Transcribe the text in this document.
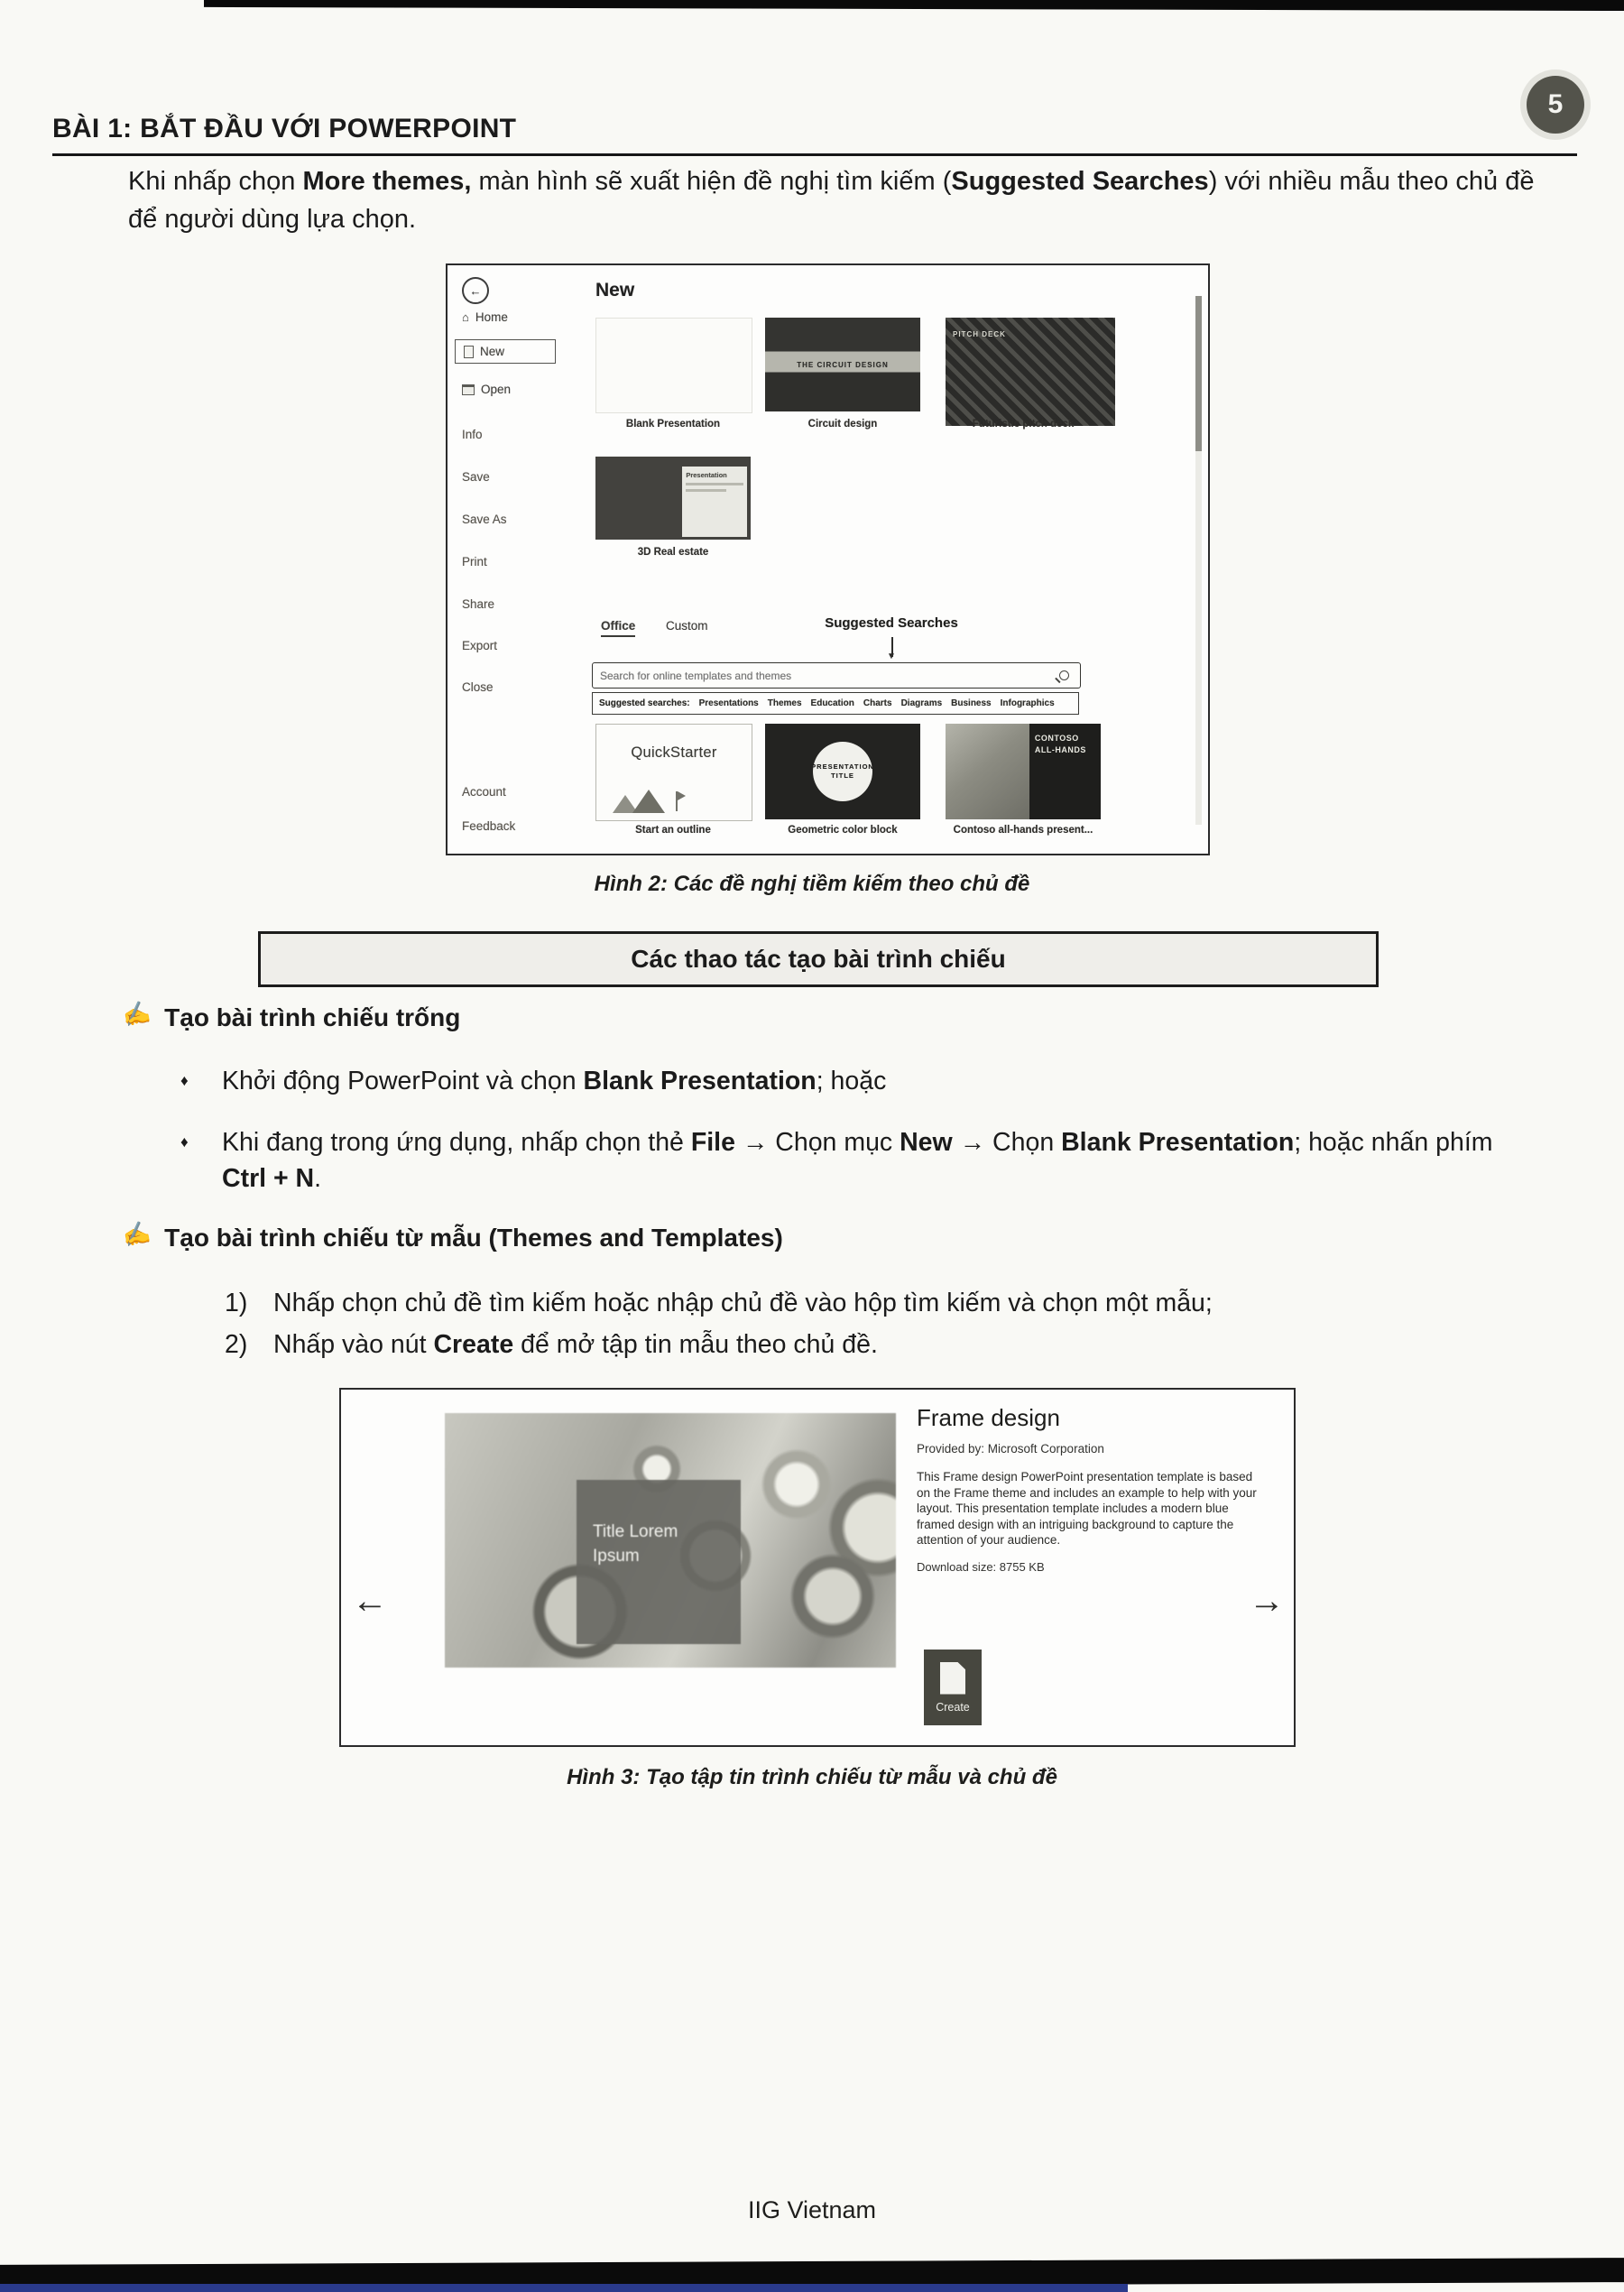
5
BÀI 1: BẮT ĐẦU VỚI POWERPOINT

Khi nhấp chọn More themes, màn hình sẽ xuất hiện đề nghị tìm kiếm (Suggested Searches) với nhiều mẫu theo chủ đề để người dùng lựa chọn.

←
⌂ Home
New
Open
Info
Save
Save As
Print
Share
Export
Close
Account
Feedback
New
THE CIRCUIT DESIGN
PITCH DECK
Blank Presentation	Circuit design	Futuristic pitch deck
Presentation
3D Real estate
Office Custom	Suggested Searches
▼
Search for online templates and themes
Suggested searches: Presentations Themes Education Charts Diagrams Business Infographics
QuickStarter
PRESENTATION TITLE
CONTOSO ALL-HANDS
Start an outline	Geometric color block	Contoso all-hands present...
Hình 2: Các đề nghị tiềm kiếm theo chủ đề
Các thao tác tạo bài trình chiếu
✍ Tạo bài trình chiếu trống
♦	Khởi động PowerPoint và chọn Blank Presentation; hoặc
♦	Khi đang trong ứng dụng, nhấp chọn thẻ File → Chọn mục New → Chọn Blank Presentation; hoặc nhấn phím Ctrl + N.
✍ Tạo bài trình chiếu từ mẫu (Themes and Templates)
1)	Nhấp chọn chủ đề tìm kiếm hoặc nhập chủ đề vào hộp tìm kiếm và chọn một mẫu;
2)	Nhấp vào nút Create để mở tập tin mẫu theo chủ đề.
←
Title Lorem
Ipsum
Frame design
Provided by: Microsoft Corporation

This Frame design PowerPoint presentation template is based on the Frame theme and includes an example to help with your layout. This presentation template includes a modern blue framed design with an intriguing background to capture the attention of your audience.

Download size: 8755 KB
Create
→
Hình 3: Tạo tập tin trình chiếu từ mẫu và chủ đề
IIG Vietnam
